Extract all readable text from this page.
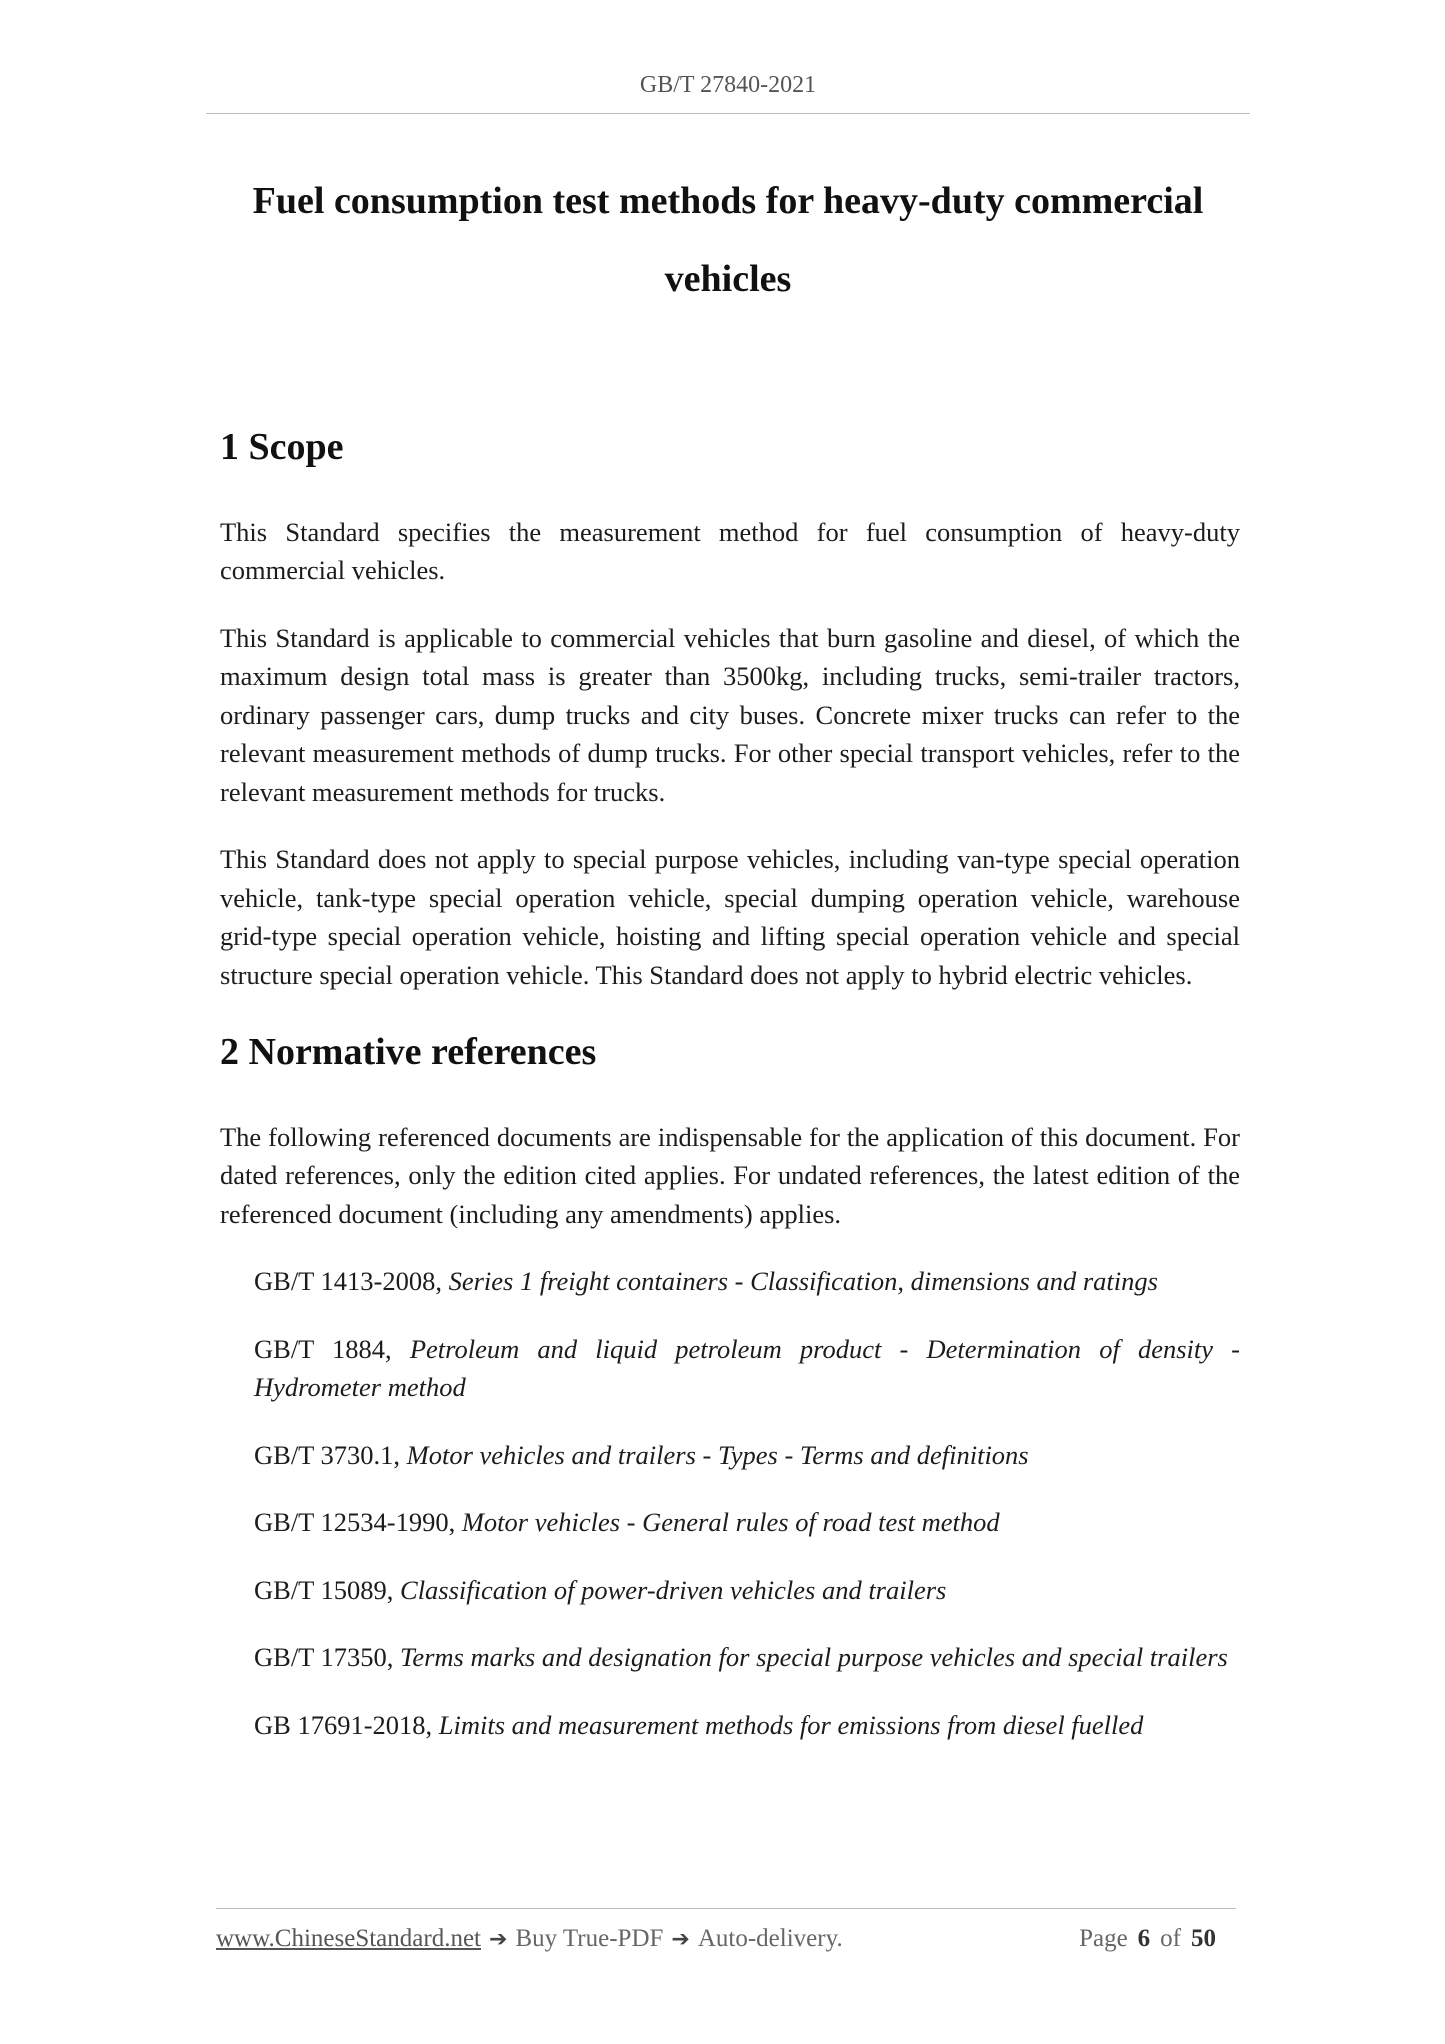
GB/T 27840-2021
Fuel consumption test methods for heavy-duty commercial
vehicles
1 Scope

This Standard specifies the measurement method for fuel consumption of heavy-duty commercial vehicles.

This Standard is applicable to commercial vehicles that burn gasoline and diesel, of which the maximum design total mass is greater than 3500kg, including trucks, semi-trailer tractors, ordinary passenger cars, dump trucks and city buses. Concrete mixer trucks can refer to the relevant measurement methods of dump trucks. For other special transport vehicles, refer to the relevant measurement methods for trucks.

This Standard does not apply to special purpose vehicles, including van-type special operation vehicle, tank-type special operation vehicle, special dumping operation vehicle, warehouse grid-type special operation vehicle, hoisting and lifting special operation vehicle and special structure special operation vehicle. This Standard does not apply to hybrid electric vehicles.

2 Normative references

The following referenced documents are indispensable for the application of this document. For dated references, only the edition cited applies. For undated references, the latest edition of the referenced document (including any amendments) applies.

GB/T 1413-2008, Series 1 freight containers - Classification, dimensions and ratings

GB/T 1884, Petroleum and liquid petroleum product - Determination of density - Hydrometer method

GB/T 3730.1, Motor vehicles and trailers - Types - Terms and definitions

GB/T 12534-1990, Motor vehicles - General rules of road test method

GB/T 15089, Classification of power-driven vehicles and trailers

GB/T 17350, Terms marks and designation for special purpose vehicles and special trailers

GB 17691-2018, Limits and measurement methods for emissions from diesel fuelled

www.ChineseStandard.net ➔ Buy True-PDF ➔ Auto-delivery.	Page 6 of 50
